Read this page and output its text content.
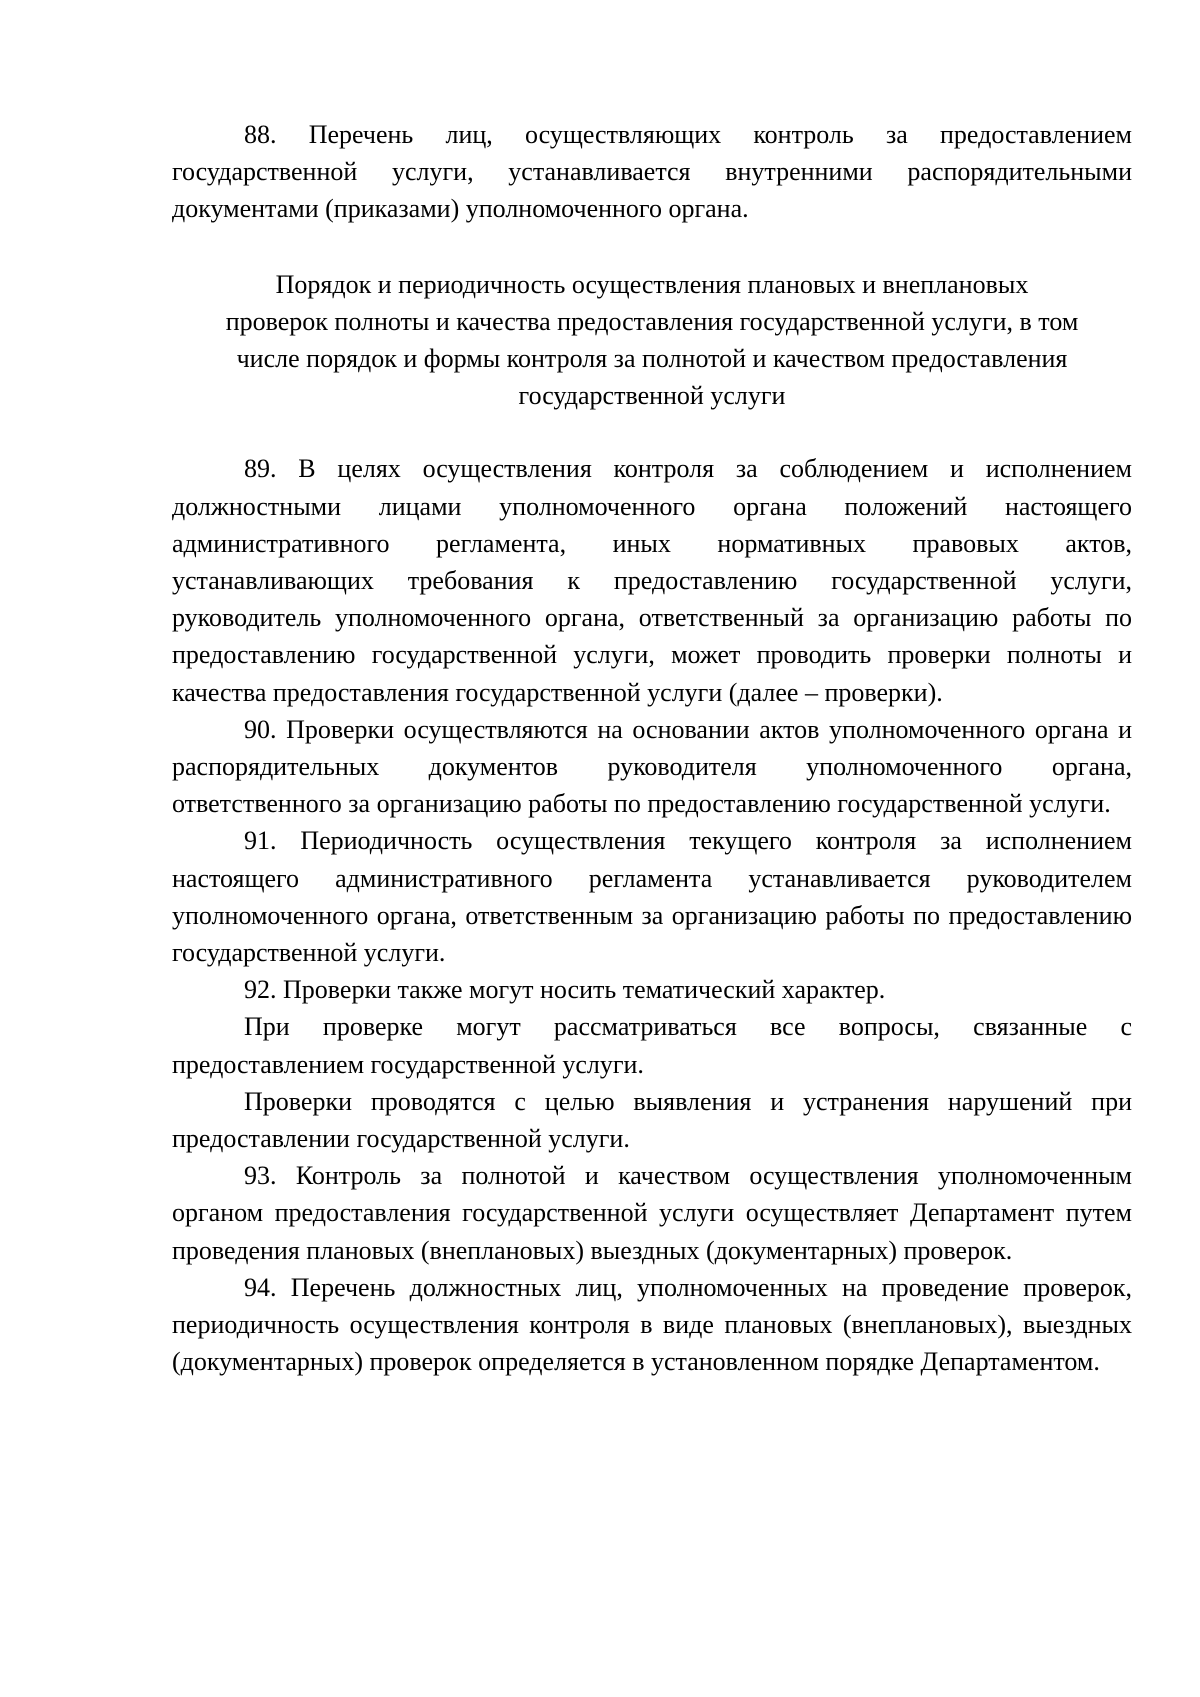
88. Перечень лиц, осуществляющих контроль за предоставлением государственной услуги, устанавливается внутренними распорядительными документами (приказами) уполномоченного органа.

Порядок и периодичность осуществления плановых и внеплановых
проверок полноты и качества предоставления государственной услуги, в том
числе порядок и формы контроля за полнотой и качеством предоставления
государственной услуги

89. В целях осуществления контроля за соблюдением и исполнением должностными лицами уполномоченного органа положений настоящего административного регламента, иных нормативных правовых актов, устанавливающих требования к предоставлению государственной услуги, руководитель уполномоченного органа, ответственный за организацию работы по предоставлению государственной услуги, может проводить проверки полноты и качества предоставления государственной услуги (далее – проверки).

90. Проверки осуществляются на основании актов уполномоченного органа и распорядительных документов руководителя уполномоченного органа, ответственного за организацию работы по предоставлению государственной услуги.

91. Периодичность осуществления текущего контроля за исполнением настоящего административного регламента устанавливается руководителем уполномоченного органа, ответственным за организацию работы по предоставлению государственной услуги.

92. Проверки также могут носить тематический характер.

При проверке могут рассматриваться все вопросы, связанные с предоставлением государственной услуги.

Проверки проводятся с целью выявления и устранения нарушений при предоставлении государственной услуги.

93. Контроль за полнотой и качеством осуществления уполномоченным органом предоставления государственной услуги осуществляет Департамент путем проведения плановых (внеплановых) выездных (документарных) проверок.

94. Перечень должностных лиц, уполномоченных на проведение проверок, периодичность осуществления контроля в виде плановых (внеплановых), выездных (документарных) проверок определяется в установленном порядке Департаментом.
